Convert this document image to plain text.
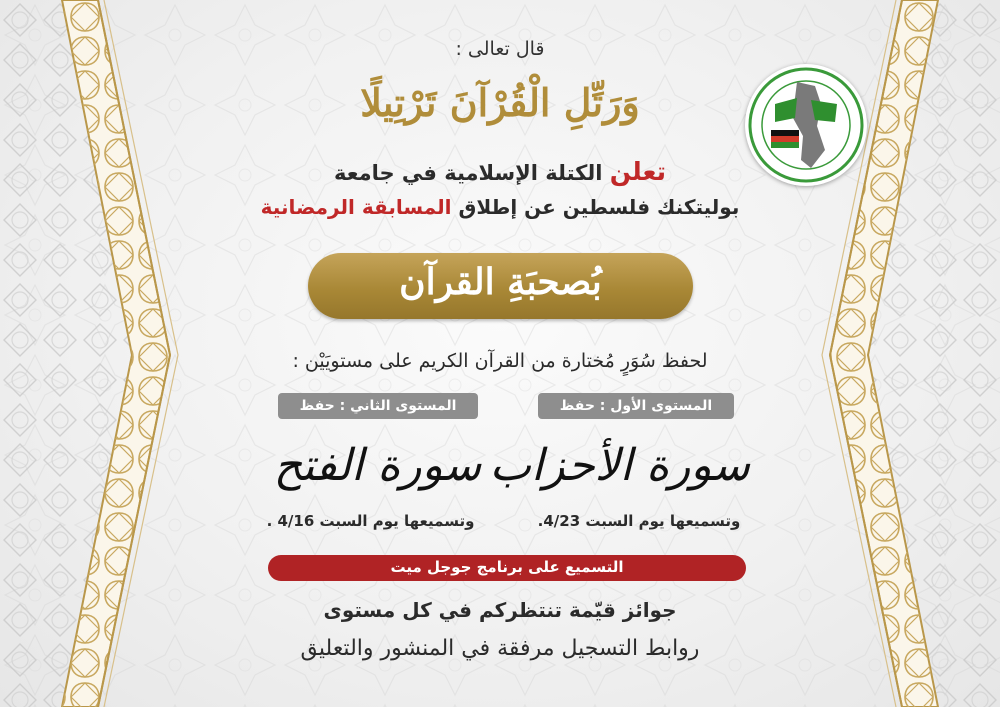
قال تعالى :
وَرَتِّلِ الْقُرْآنَ تَرْتِيلًا
تعلن الكتلة الإسلامية في جامعة
بوليتكنك فلسطين عن إطلاق المسابقة الرمضانية
بُصحبَةِ القرآن
لحفظ سُوَرٍ مُختارة من القرآن الكريم على مستويَيْن :
المستوى الأول : حفظ
المستوى الثاني : حفظ
سورة الأحزاب
سورة الفتح
وتسميعها يوم السبت 4/23.
وتسميعها يوم السبت 4/16 .
التسميع على برنامج جوجل ميت
جوائز قيّمة تنتظركم في كل مستوى
روابط التسجيل مرفقة في المنشور والتعليق
